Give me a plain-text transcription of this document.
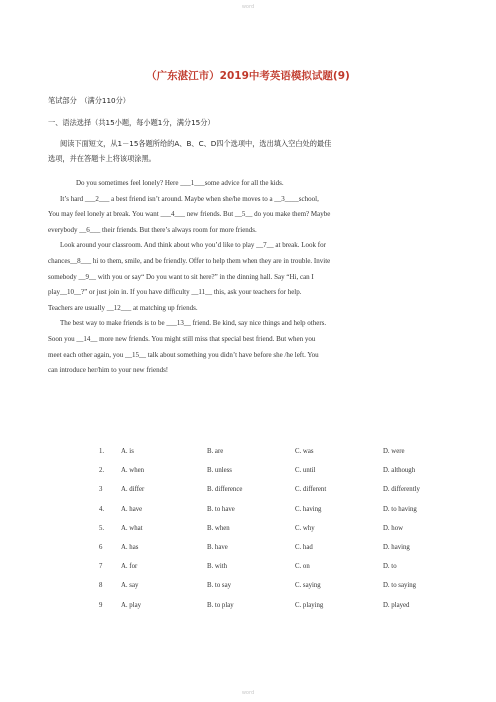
word
（广东湛江市）2019中考英语模拟试题(9)
笔试部分　（满分110分）
一、语法选择（共15小题，每小题1分，满分15分）
阅读下面短文，从1－15各题所给的A、B、C、D四个选项中，选出填入空白处的最佳
选项，并在答题卡上将该项涂黑。

Do you sometimes feel lonely? Here ___1___some advice for all the kids.

It’s hard ___2___ a best friend isn’t around. Maybe when she/he moves to a __3____school,

You may feel lonely at break. You want ___4___ new friends. But __5__ do you make them? Maybe

everybody __6___ their friends. But there’s always room for more friends.

Look around your classroom. And think about who you’d like to play __7__ at break. Look for

chances__8___ hi to them, smile, and be friendly. Offer to help them when they are in trouble. Invite

somebody __9__ with you or say“ Do you want to sit here?” in the dinning hall. Say “Hi, can I

play__10__?” or just join in. If you have difficulty __11__ this, ask your teachers for help.

Teachers are usually __12___ at matching up friends.

The best way to make friends is to be ___13__ friend. Be kind, say nice things and help others.

Soon you __14__ more new friends. You might still miss that special best friend. But when you

meet each other again, you __15__ talk about something you didn’t have before she /he left. You

can introduce her/him to your new friends!

1. A. is	B. are	C. was	D. were
2. A. when	B. unless	C. until	D. although
3	A. differ	B. difference	C. different	D. differently
4. A. have	B. to have	C. having	D. to having
5. A. what	B. when	C. why	D. how
6	A. has	B. have	C. had	D. having
7	A. for	B. with	C. on	D. to
8	A. say	B. to say	C. saying	D. to saying
9	A. play	B. to play	C. playing	D. played
word
